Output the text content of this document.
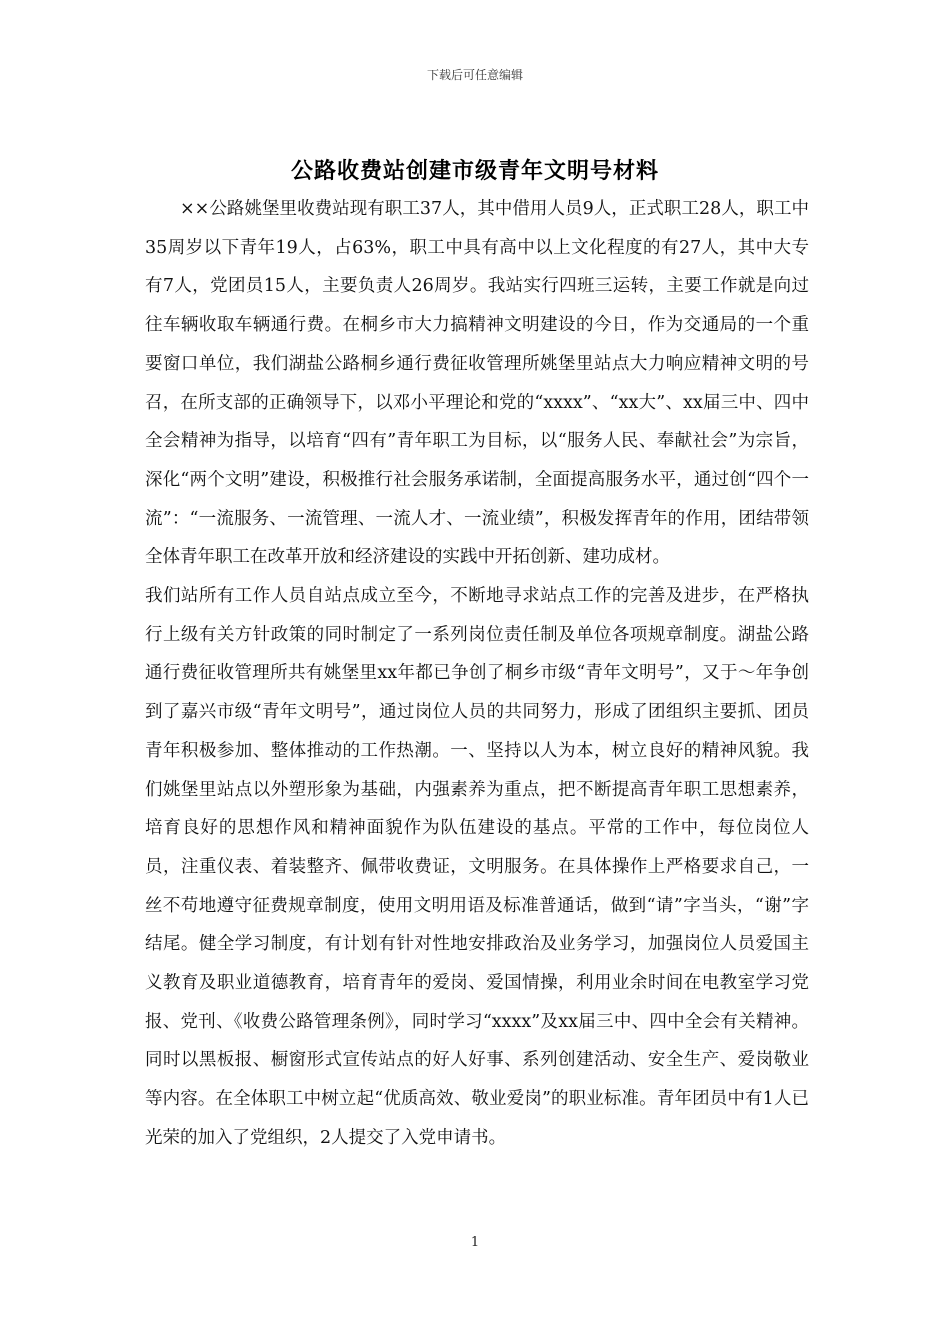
下载后可任意编辑
公路收费站创建市级青年文明号材料

××公路姚堡里收费站现有职工37人，其中借用人员9人，正式职工28人，职工中35周岁以下青年19人，占63%，职工中具有高中以上文化程度的有27人，其中大专有7人，党团员15人，主要负责人26周岁。我站实行四班三运转，主要工作就是向过往车辆收取车辆通行费。在桐乡市大力搞精神文明建设的今日，作为交通局的一个重要窗口单位，我们湖盐公路桐乡通行费征收管理所姚堡里站点大力响应精神文明的号召，在所支部的正确领导下，以邓小平理论和党的“xxxx”、“xx大”、xx届三中、四中全会精神为指导，以培育“四有”青年职工为目标，以“服务人民、奉献社会”为宗旨，深化“两个文明”建设，积极推行社会服务承诺制，全面提高服务水平，通过创“四个一流”：“一流服务、一流管理、一流人才、一流业绩”，积极发挥青年的作用，团结带领全体青年职工在改革开放和经济建设的实践中开拓创新、建功成材。

我们站所有工作人员自站点成立至今，不断地寻求站点工作的完善及进步，在严格执行上级有关方针政策的同时制定了一系列岗位责任制及单位各项规章制度。湖盐公路通行费征收管理所共有姚堡里xx年都已争创了桐乡市级“青年文明号”，又于～年争创到了嘉兴市级“青年文明号”，通过岗位人员的共同努力，形成了团组织主要抓、团员青年积极参加、整体推动的工作热潮。一、坚持以人为本，树立良好的精神风貌。我们姚堡里站点以外塑形象为基础，内强素养为重点，把不断提高青年职工思想素养，培育良好的思想作风和精神面貌作为队伍建设的基点。平常的工作中，每位岗位人员，注重仪表、着装整齐、佩带收费证，文明服务。在具体操作上严格要求自己，一丝不苟地遵守征费规章制度，使用文明用语及标准普通话，做到“请”字当头，“谢”字结尾。健全学习制度，有计划有针对性地安排政治及业务学习，加强岗位人员爱国主义教育及职业道德教育，培育青年的爱岗、爱国情操，利用业余时间在电教室学习党报、党刊、《收费公路管理条例》，同时学习“xxxx”及xx届三中、四中全会有关精神。同时以黑板报、橱窗形式宣传站点的好人好事、系列创建活动、安全生产、爱岗敬业等内容。在全体职工中树立起“优质高效、敬业爱岗”的职业标准。青年团员中有1人已光荣的加入了党组织，2人提交了入党申请书。

1
